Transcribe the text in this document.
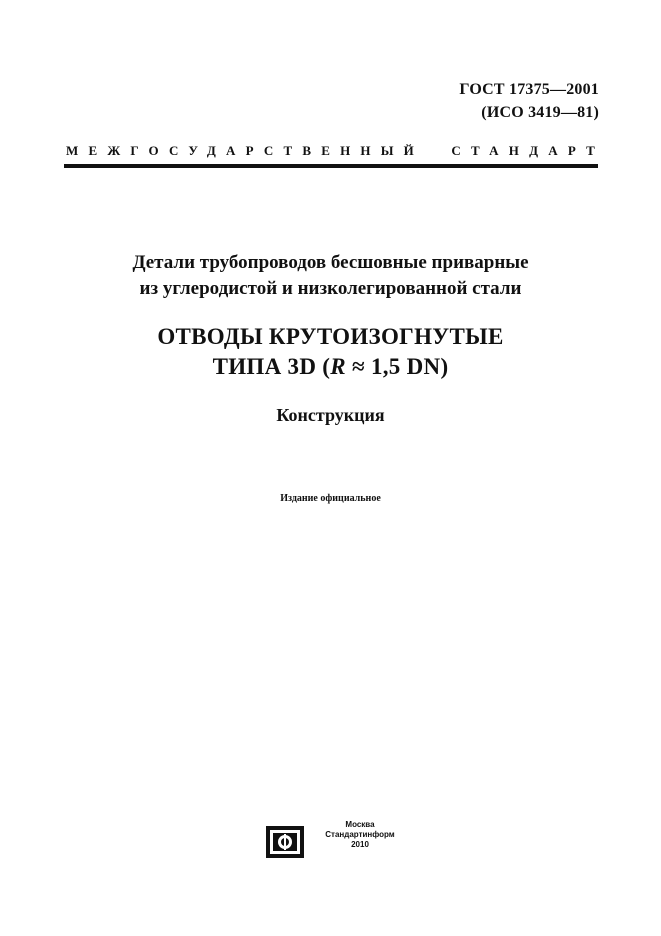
ГОСТ 17375—2001
(ИСО 3419—81)
МЕЖГОСУДАРСТВЕННЫЙ СТАНДАРТ
Детали трубопроводов бесшовные приварные
из углеродистой и низколегированной стали
ОТВОДЫ КРУТОИЗОГНУТЫЕ
ТИПА 3D (R ≈ 1,5 DN)
Конструкция
Издание официальное
Москва
Стандартинформ
2010
